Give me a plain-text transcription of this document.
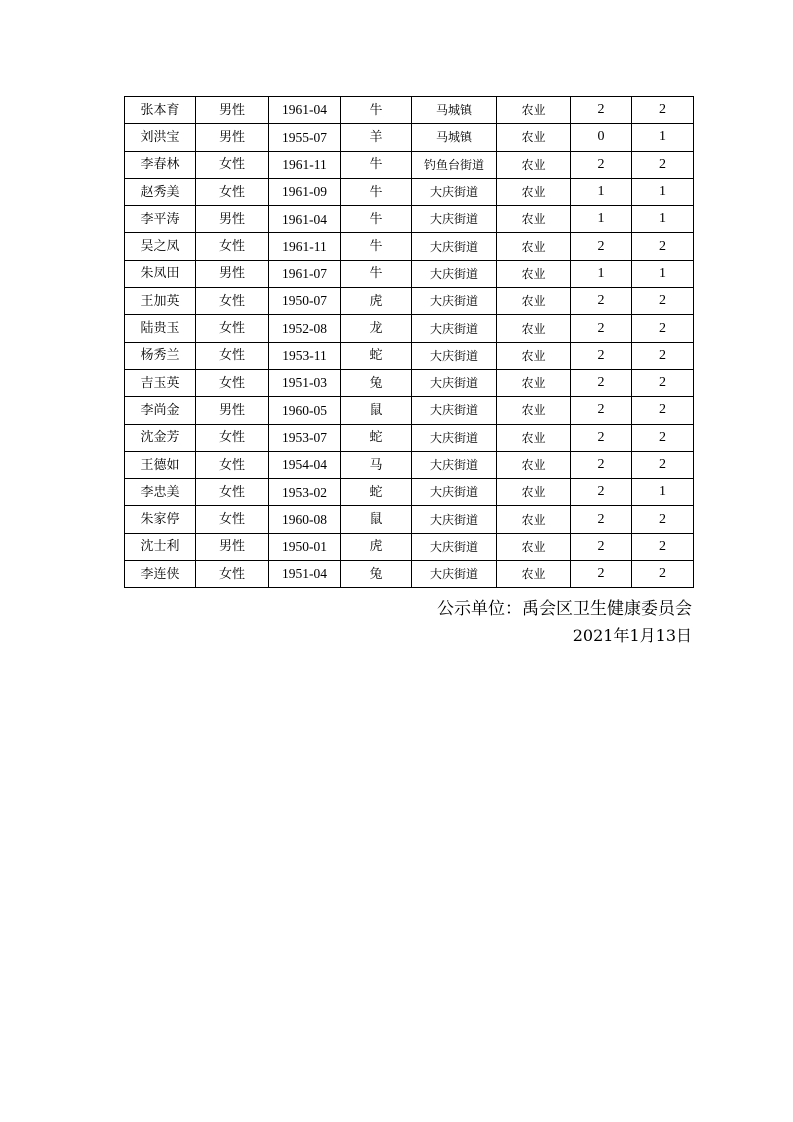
张本育	男性	1961-04	牛	马城镇	农业	2	2
刘洪宝	男性	1955-07	羊	马城镇	农业	0	1
李春林	女性	1961-11	牛	钓鱼台街道	农业	2	2
赵秀美	女性	1961-09	牛	大庆街道	农业	1	1
李平涛	男性	1961-04	牛	大庆街道	农业	1	1
吴之凤	女性	1961-11	牛	大庆街道	农业	2	2
朱凤田	男性	1961-07	牛	大庆街道	农业	1	1
王加英	女性	1950-07	虎	大庆街道	农业	2	2
陆贵玉	女性	1952-08	龙	大庆街道	农业	2	2
杨秀兰	女性	1953-11	蛇	大庆街道	农业	2	2
吉玉英	女性	1951-03	兔	大庆街道	农业	2	2
李尚金	男性	1960-05	鼠	大庆街道	农业	2	2
沈金芳	女性	1953-07	蛇	大庆街道	农业	2	2
王德如	女性	1954-04	马	大庆街道	农业	2	2
李忠美	女性	1953-02	蛇	大庆街道	农业	2	1
朱家停	女性	1960-08	鼠	大庆街道	农业	2	2
沈士利	男性	1950-01	虎	大庆街道	农业	2	2
李连侠	女性	1951-04	兔	大庆街道	农业	2	2
公示单位：禹会区卫生健康委员会
2021年1月13日
